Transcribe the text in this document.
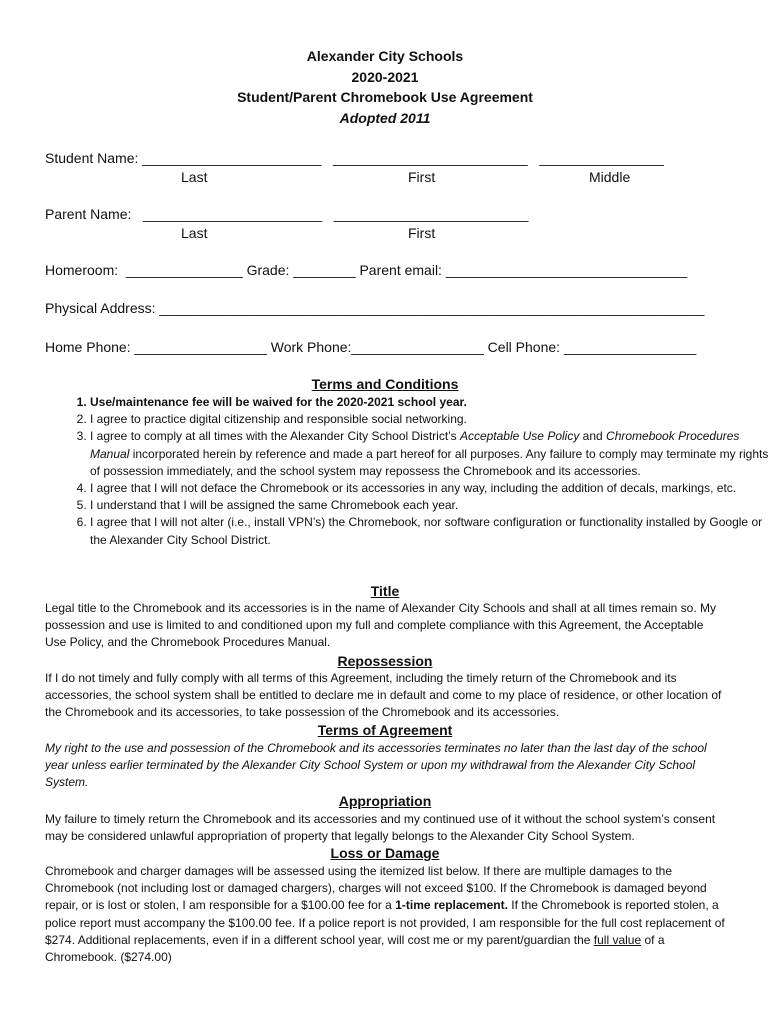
Alexander City Schools
2020-2021
Student/Parent Chromebook Use Agreement
Adopted 2011
Student Name: _______________________   _________________________   ________________
Last	First	Middle
Parent Name:   _______________________   _________________________
Last	First
Homeroom:  _______________ Grade: ________ Parent email: _______________________________
Physical Address: ______________________________________________________________________
Home Phone: _________________ Work Phone:_________________ Cell Phone: _________________
Terms and Conditions
1. Use/maintenance fee will be waived for the 2020-2021 school year.
2. I agree to practice digital citizenship and responsible social networking.
3. I agree to comply at all times with the Alexander City School District’s Acceptable Use Policy and Chromebook Procedures Manual incorporated herein by reference and made a part hereof for all purposes. Any failure to comply may terminate my rights of possession immediately, and the school system may repossess the Chromebook and its accessories.
4. I agree that I will not deface the Chromebook or its accessories in any way, including the addition of decals, markings, etc.
5. I understand that I will be assigned the same Chromebook each year.
6. I agree that I will not alter (i.e., install VPN’s) the Chromebook, nor software configuration or functionality installed by Google or the Alexander City School District.
Title
Legal title to the Chromebook and its accessories is in the name of Alexander City Schools and shall at all times remain so. My possession and use is limited to and conditioned upon my full and complete compliance with this Agreement, the Acceptable Use Policy, and the Chromebook Procedures Manual.
Repossession
If I do not timely and fully comply with all terms of this Agreement, including the timely return of the Chromebook and its accessories, the school system shall be entitled to declare me in default and come to my place of residence, or other location of the Chromebook and its accessories, to take possession of the Chromebook and its accessories.
Terms of Agreement
My right to the use and possession of the Chromebook and its accessories terminates no later than the last day of the school year unless earlier terminated by the Alexander City School System or upon my withdrawal from the Alexander City School System.
Appropriation
My failure to timely return the Chromebook and its accessories and my continued use of it without the school system’s consent may be considered unlawful appropriation of property that legally belongs to the Alexander City School System.
Loss or Damage
Chromebook and charger damages will be assessed using the itemized list below. If there are multiple damages to the Chromebook (not including lost or damaged chargers), charges will not exceed $100. If the Chromebook is damaged beyond repair, or is lost or stolen, I am responsible for a $100.00 fee for a 1-time replacement. If the Chromebook is reported stolen, a police report must accompany the $100.00 fee. If a police report is not provided, I am responsible for the full cost replacement of $274. Additional replacements, even if in a different school year, will cost me or my parent/guardian the full value of a Chromebook. ($274.00)
